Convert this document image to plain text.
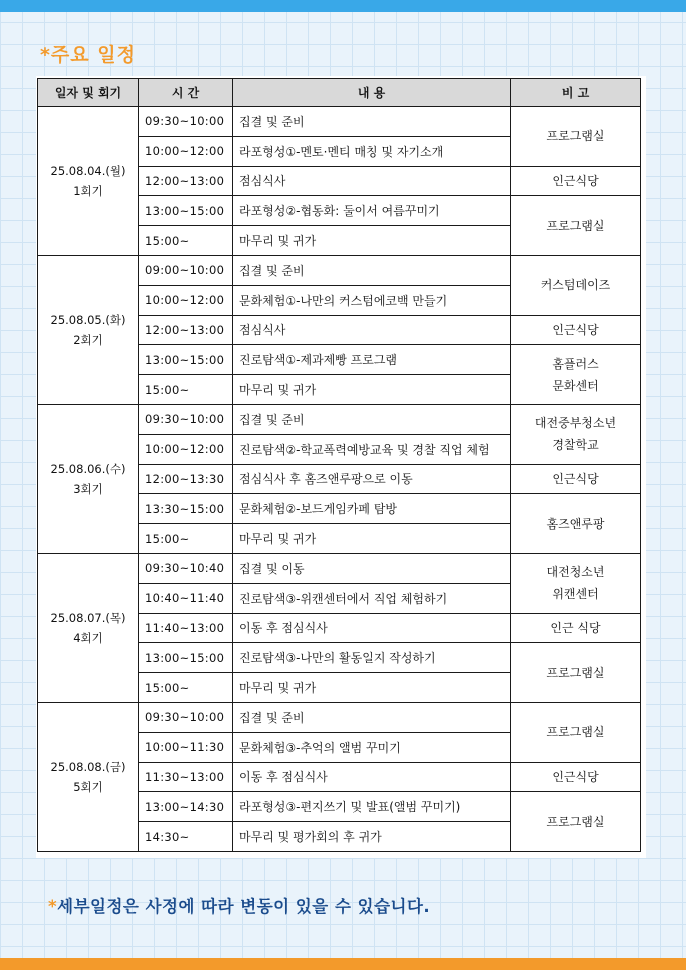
*주요 일정
일자 및 회기	시 간	내 용	비 고

25.08.04.(월)
1회기	09:30~10:00	집결 및 준비	프로그램실

	10:00~12:00	라포형성①-멘토·멘티 매칭 및 자기소개	
	12:00~13:00	점심식사	인근식당

	13:00~15:00	라포형성②-협동화: 둘이서 여름꾸미기	프로그램실

	15:00~	마무리 및 귀가	

25.08.05.(화)
2회기	09:00~10:00	집결 및 준비	커스텀데이즈

	10:00~12:00	문화체험①-나만의 커스텀에코백 만들기	
	12:00~13:00	점심식사	인근식당

	13:00~15:00	진로탐색①-제과제빵 프로그램	홈플러스
문화센터

	15:00~	마무리 및 귀가	

25.08.06.(수)
3회기	09:30~10:00	집결 및 준비	대전중부청소년
경찰학교

	10:00~12:00	진로탐색②-학교폭력예방교육 및 경찰 직업 체험	
	12:00~13:30	점심식사 후 홈즈앤루팡으로 이동	인근식당

	13:30~15:00	문화체험②-보드게임카페 탐방	홈즈앤루팡

	15:00~	마무리 및 귀가	

25.08.07.(목)
4회기	09:30~10:40	집결 및 이동	대전청소년
위캔센터

	10:40~11:40	진로탐색③-위캔센터에서 직업 체험하기	
	11:40~13:00	이동 후 점심식사	인근 식당

	13:00~15:00	진로탐색③-나만의 활동일지 작성하기	프로그램실

	15:00~	마무리 및 귀가	

25.08.08.(금)
5회기	09:30~10:00	집결 및 준비	프로그램실

	10:00~11:30	문화체험③-추억의 앨범 꾸미기	
	11:30~13:00	이동 후 점심식사	인근식당

	13:00~14:30	라포형성③-편지쓰기 및 발표(앨범 꾸미기)	프로그램실

	14:30~	마무리 및 평가회의 후 귀가	
*세부일정은 사정에 따라 변동이 있을 수 있습니다.
